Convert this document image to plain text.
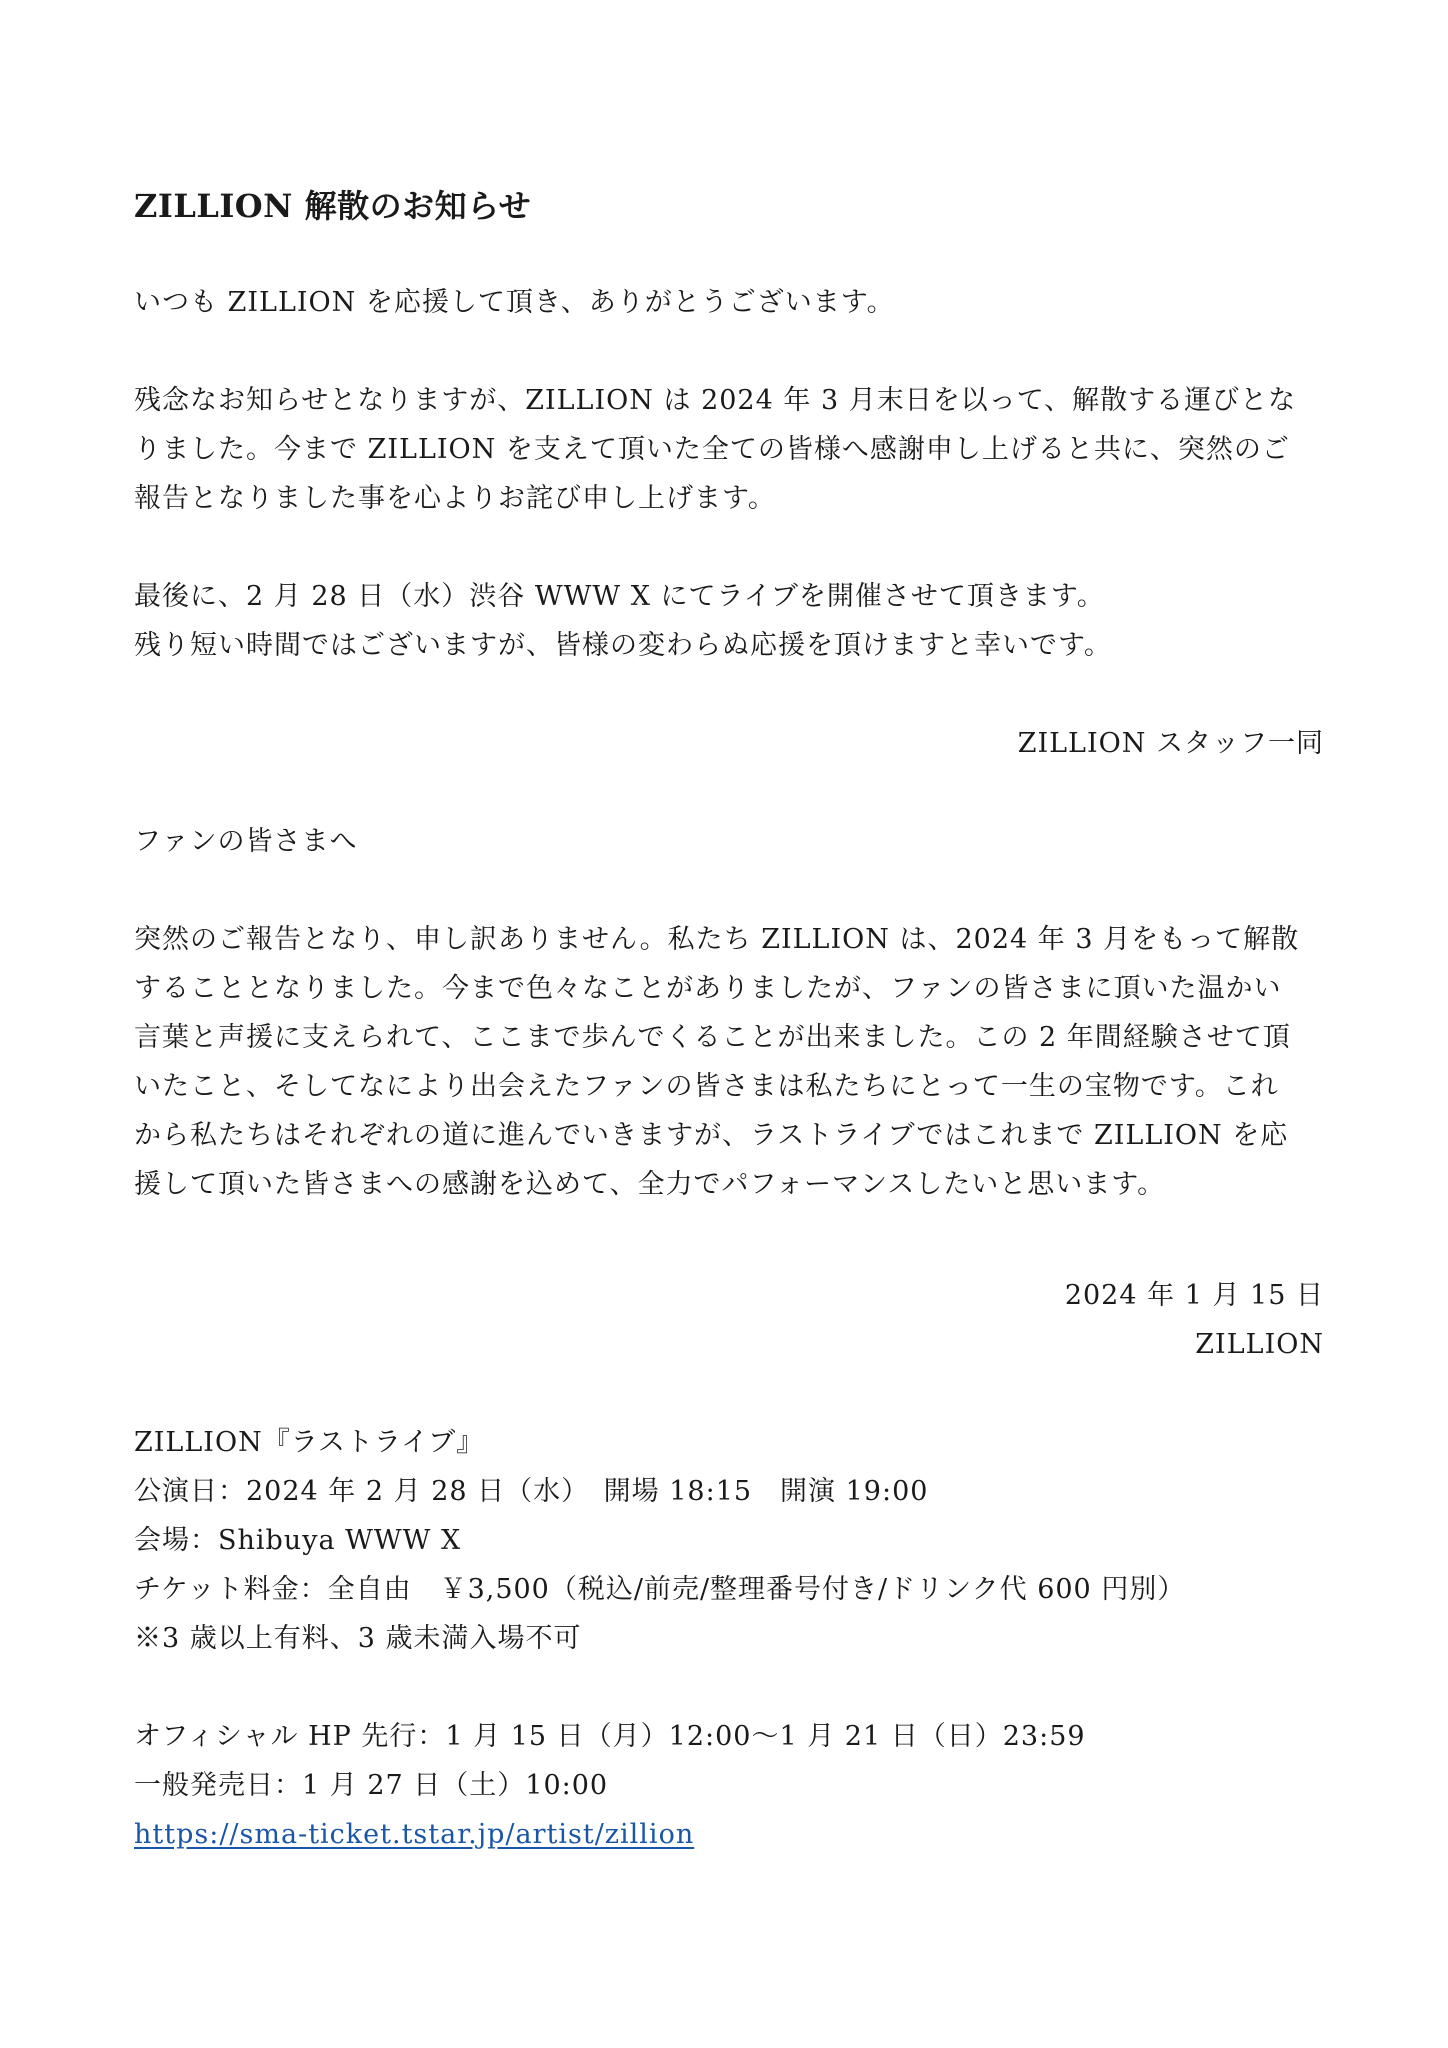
ZILLION 解散のお知らせ

いつも ZILLION を応援して頂き、ありがとうございます。

残念なお知らせとなりますが、ZILLION は 2024 年 3 月末日を以って、解散する運びとな
りました。今まで ZILLION を支えて頂いた全ての皆様へ感謝申し上げると共に、突然のご
報告となりました事を心よりお詫び申し上げます。

最後に、2 月 28 日（水）渋谷 WWW X にてライブを開催させて頂きます。
残り短い時間ではございますが、皆様の変わらぬ応援を頂けますと幸いです。

ZILLION スタッフ一同

ファンの皆さまへ

突然のご報告となり、申し訳ありません。私たち ZILLION は、2024 年 3 月をもって解散
することとなりました。今まで色々なことがありましたが、ファンの皆さまに頂いた温かい
言葉と声援に支えられて、ここまで歩んでくることが出来ました。この 2 年間経験させて頂
いたこと、そしてなにより出会えたファンの皆さまは私たちにとって一生の宝物です。これ
から私たちはそれぞれの道に進んでいきますが、ラストライブではこれまで ZILLION を応
援して頂いた皆さまへの感謝を込めて、全力でパフォーマンスしたいと思います。

2024 年 1 月 15 日
ZILLION

ZILLION『ラストライブ』
公演日：2024 年 2 月 28 日（水）　開場 18:15　開演 19:00
会場：Shibuya WWW X
チケット料金：全自由　￥3,500（税込/前売/整理番号付き/ドリンク代 600 円別）
※3 歳以上有料、3 歳未満入場不可

オフィシャル HP 先行：1 月 15 日（月）12:00～1 月 21 日（日）23:59
一般発売日：1 月 27 日（土）10:00
https://sma-ticket.tstar.jp/artist/zillion
